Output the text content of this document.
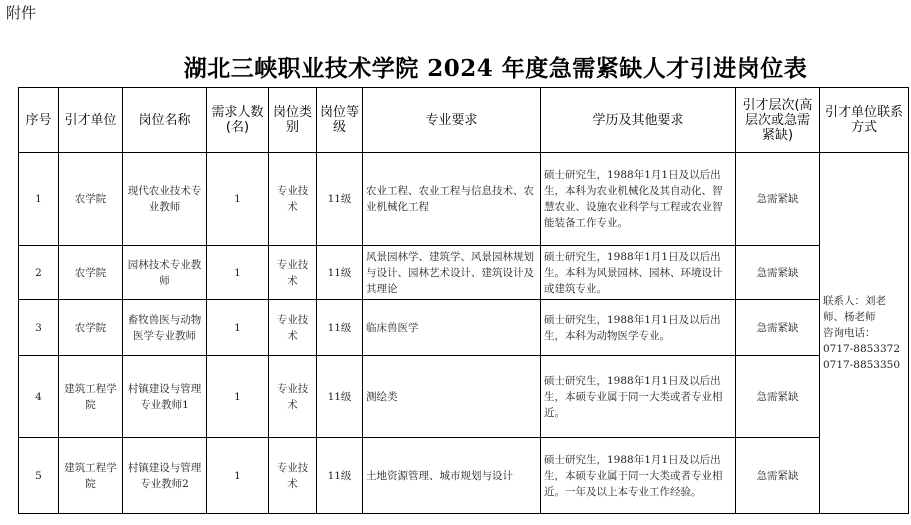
附件
湖北三峡职业技术学院 2024 年度急需紧缺人才引进岗位表
序号	引才单位	岗位名称	需求人数(名)	岗位类别	岗位等级	专业要求	学历及其他要求	引才层次(高层次或急需紧缺)	引才单位联系方式
1	农学院	现代农业技术专业教师	1	专业技术	11级	农业工程、农业工程与信息技术、农业机械化工程	硕士研究生，1988年1月1日及以后出生，本科为农业机械化及其自动化、智慧农业、设施农业科学与工程或农业智能装备工作专业。	急需紧缺	联系人：刘老师、杨老师
咨询电话：
0717-8853372
0717-8853350

2	农学院	园林技术专业教师	1	专业技术	11级	风景园林学、建筑学、风景园林规划与设计、园林艺术设计、建筑设计及其理论	硕士研究生，1988年1月1日及以后出生。本科为风景园林、园林、环境设计或建筑专业。	急需紧缺	
3	农学院	畜牧兽医与动物医学专业教师	1	专业技术	11级	临床兽医学	硕士研究生，1988年1月1日及以后出生，本科为动物医学专业。	急需紧缺	
4	建筑工程学院	村镇建设与管理专业教师1	1	专业技术	11级	测绘类	硕士研究生，1988年1月1日及以后出生，本硕专业属于同一大类或者专业相近。	急需紧缺	
5	建筑工程学院	村镇建设与管理专业教师2	1	专业技术	11级	土地资源管理、城市规划与设计	硕士研究生，1988年1月1日及以后出生，本硕专业属于同一大类或者专业相近。一年及以上本专业工作经验。	急需紧缺	
